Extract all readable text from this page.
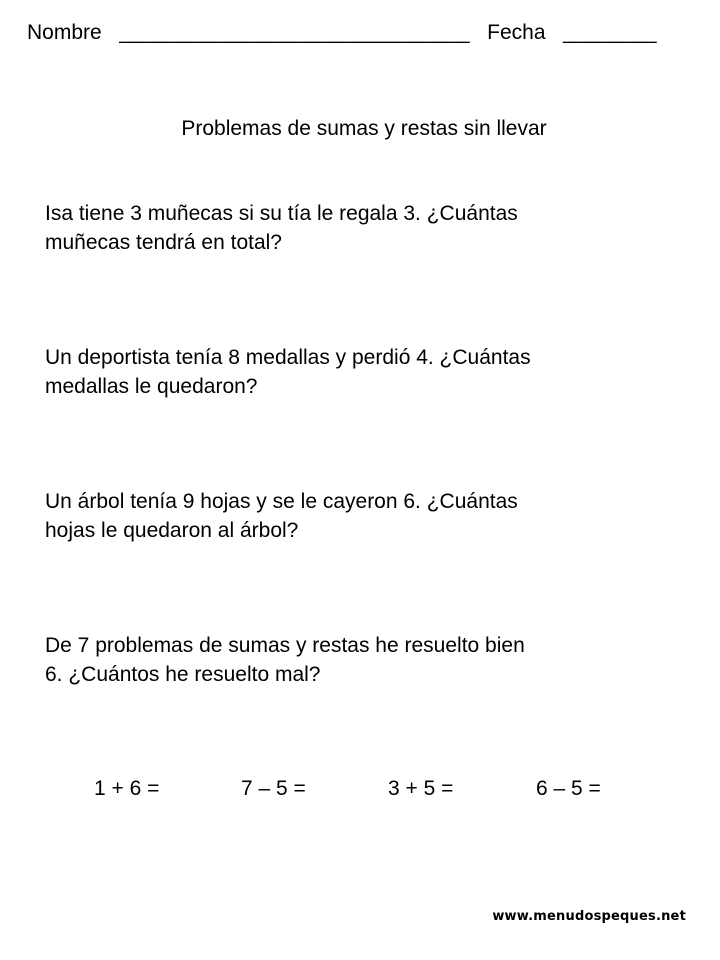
Nombre ______________________________ Fecha ________
Problemas de sumas y restas sin llevar
Isa tiene 3 muñecas si su tía le regala 3. ¿Cuántas
muñecas tendrá en total?
Un deportista tenía 8 medallas y perdió 4. ¿Cuántas
medallas le quedaron?
Un árbol tenía 9 hojas y se le cayeron 6. ¿Cuántas
hojas le quedaron al árbol?
De 7 problemas de sumas y restas he resuelto bien
6. ¿Cuántos he resuelto mal?
1 + 6 =	7 – 5 =	3 + 5 =	6 – 5 =
www.menudospeques.net
